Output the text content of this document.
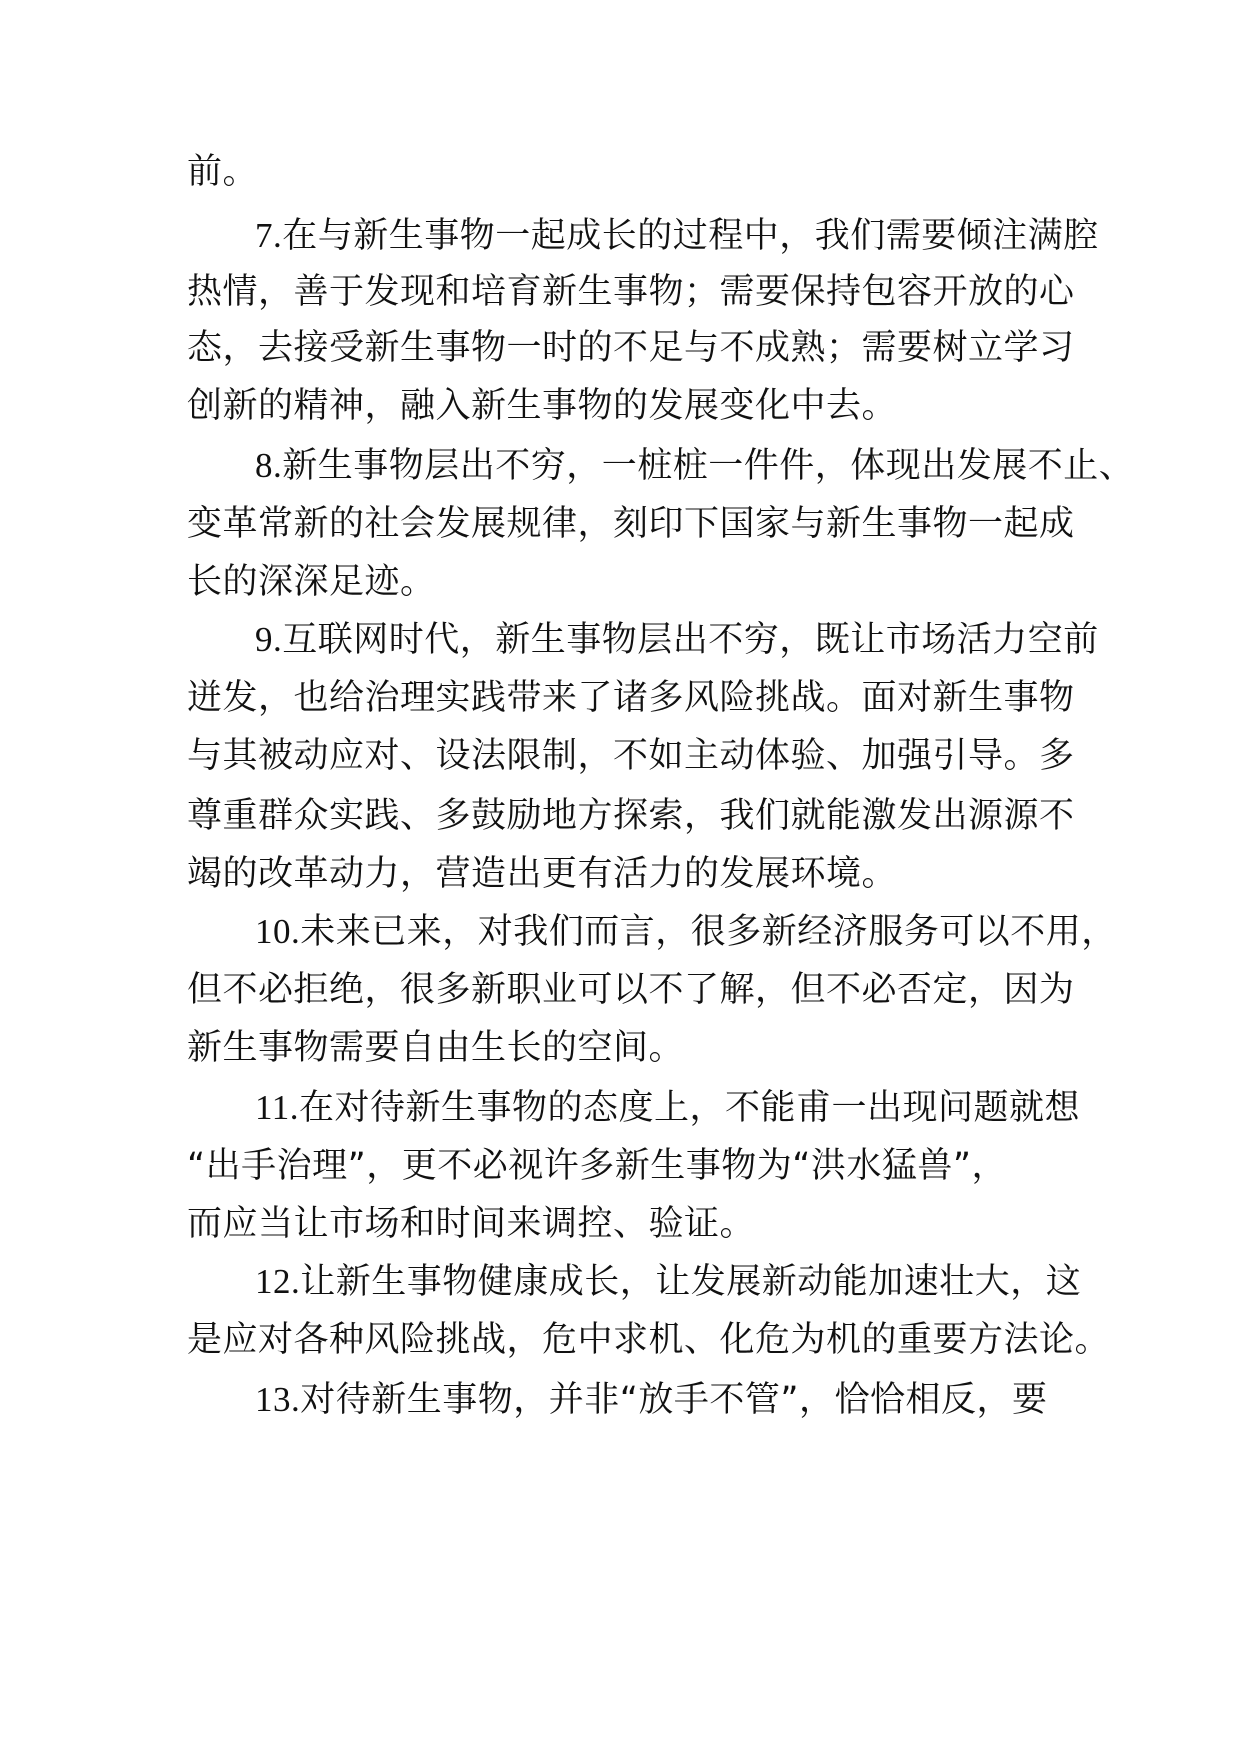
前。
7.在与新生事物一起成长的过程中，我们需要倾注满腔
热情，善于发现和培育新生事物；需要保持包容开放的心
态，去接受新生事物一时的不足与不成熟；需要树立学习
创新的精神，融入新生事物的发展变化中去。
8.新生事物层出不穷，一桩桩一件件，体现出发展不止、
变革常新的社会发展规律，刻印下国家与新生事物一起成
长的深深足迹。
9.互联网时代，新生事物层出不穷，既让市场活力空前
迸发，也给治理实践带来了诸多风险挑战。面对新生事物
与其被动应对、设法限制，不如主动体验、加强引导。多
尊重群众实践、多鼓励地方探索，我们就能激发出源源不
竭的改革动力，营造出更有活力的发展环境。
10.未来已来，对我们而言，很多新经济服务可以不用，
但不必拒绝，很多新职业可以不了解，但不必否定，因为
新生事物需要自由生长的空间。
11.在对待新生事物的态度上，不能甫一出现问题就想
“出手治理”，更不必视许多新生事物为“洪水猛兽”，
而应当让市场和时间来调控、验证。
12.让新生事物健康成长，让发展新动能加速壮大，这
是应对各种风险挑战，危中求机、化危为机的重要方法论。
13.对待新生事物，并非“放手不管”，恰恰相反，要
